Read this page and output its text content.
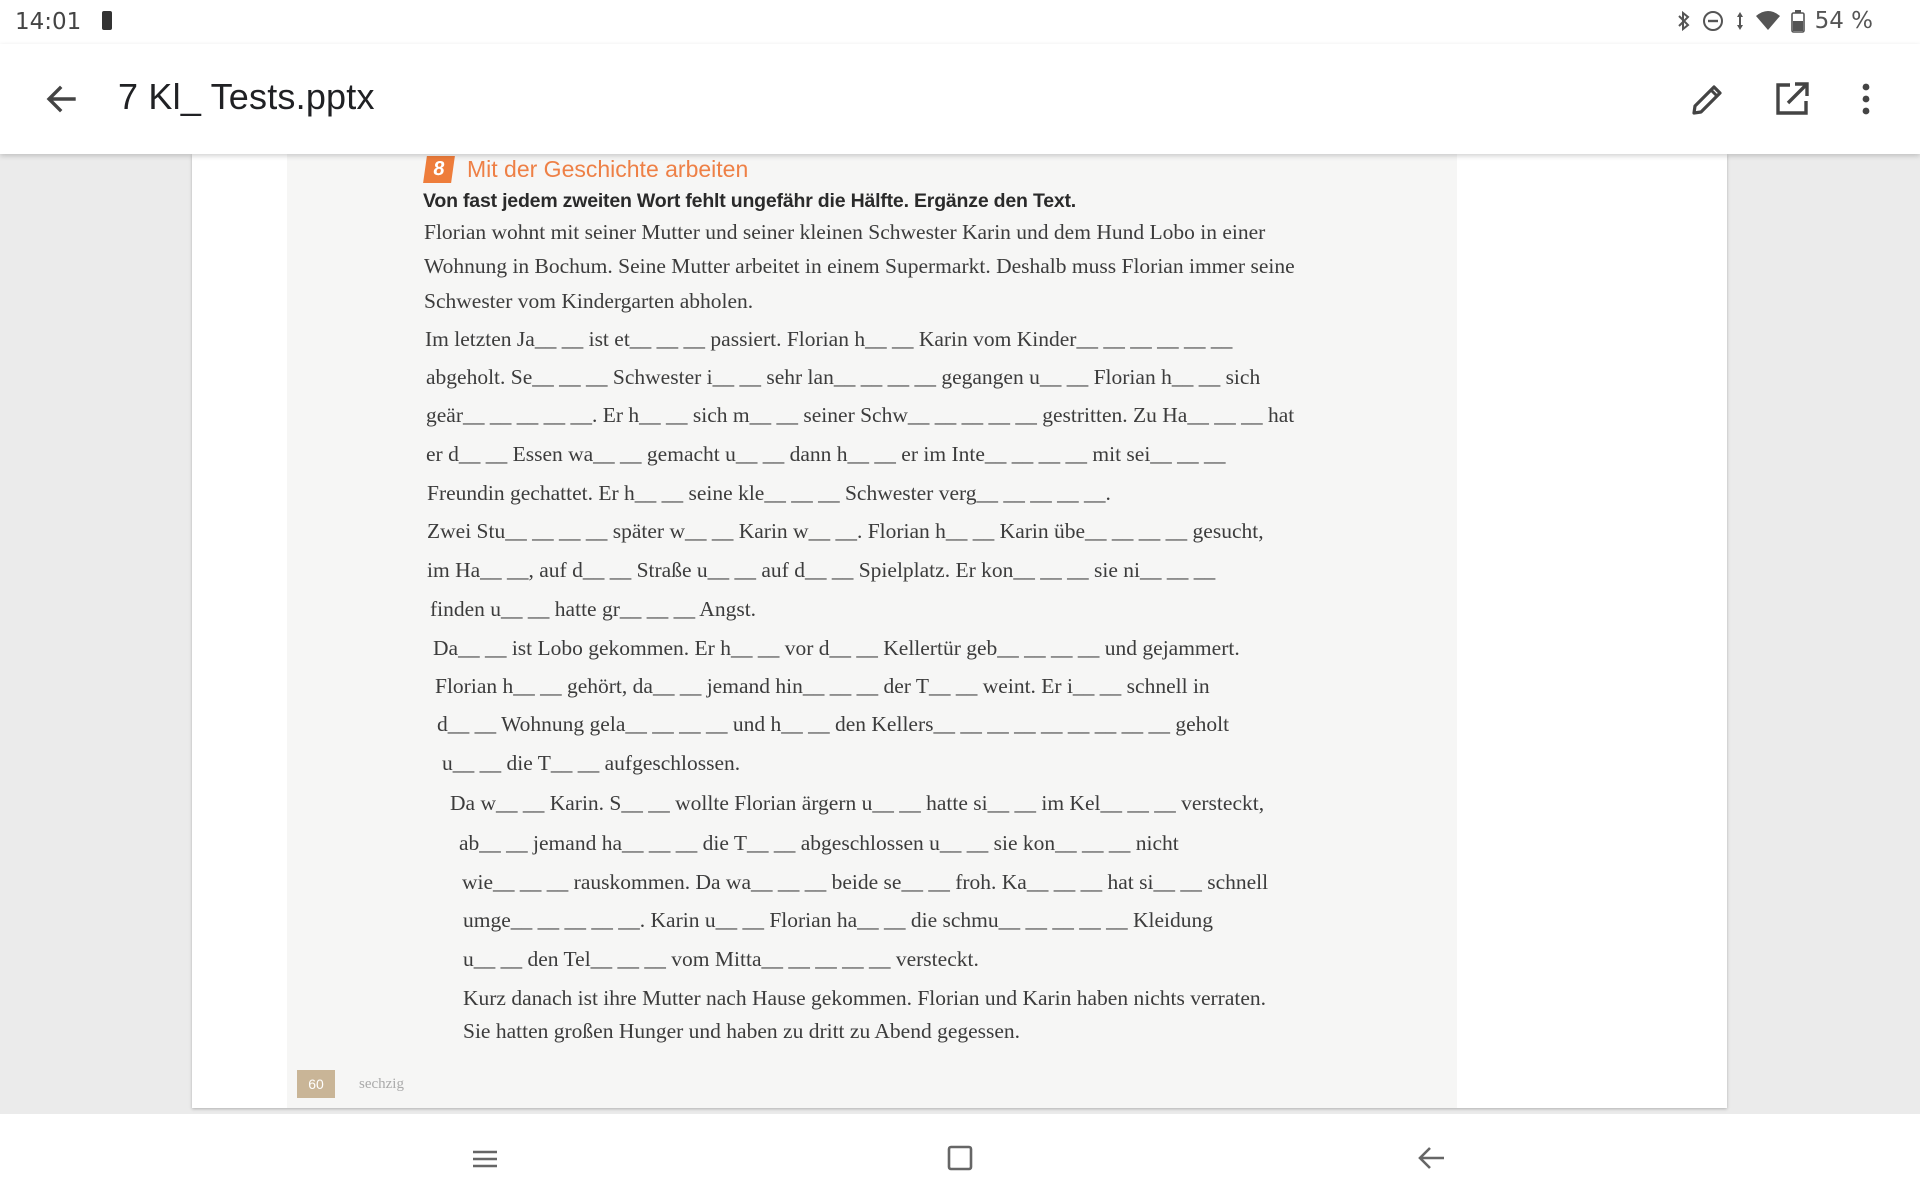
14:01	54 %
7 Kl_ Tests.pptx
8 Mit der Geschichte arbeiten
Von fast jedem zweiten Wort fehlt ungefähr die Hälfte. Ergänze den Text.
Florian wohnt mit seiner Mutter und seiner kleinen Schwester Karin und dem Hund Lobo in einer
Wohnung in Bochum. Seine Mutter arbeitet in einem Supermarkt. Deshalb muss Florian immer seine
Schwester vom Kindergarten abholen.
Im letzten Ja__ __ ist et__ __ __ passiert. Florian h__ __ Karin vom Kinder__ __ __ __ __ __
abgeholt. Se__ __ __ Schwester i__ __ sehr lan__ __ __ __ gegangen u__ __ Florian h__ __ sich
geär__ __ __ __ __. Er h__ __ sich m__ __ seiner Schw__ __ __ __ __ gestritten. Zu Ha__ __ __ hat
er d__ __ Essen wa__ __ gemacht u__ __ dann h__ __ er im Inte__ __ __ __ mit sei__ __ __
Freundin gechattet. Er h__ __ seine kle__ __ __ Schwester verg__ __ __ __ __.
Zwei Stu__ __ __ __ später w__ __ Karin w__ __. Florian h__ __ Karin übe__ __ __ __ gesucht,
im Ha__ __, auf d__ __ Straße u__ __ auf d__ __ Spielplatz. Er kon__ __ __ sie ni__ __ __
finden u__ __ hatte gr__ __ __ Angst.
Da__ __ ist Lobo gekommen. Er h__ __ vor d__ __ Kellertür geb__ __ __ __ und gejammert.
Florian h__ __ gehört, da__ __ jemand hin__ __ __ der T__ __ weint. Er i__ __ schnell in
d__ __ Wohnung gela__ __ __ __ und h__ __ den Kellers__ __ __ __ __ __ __ __ __ geholt
u__ __ die T__ __ aufgeschlossen.
Da w__ __ Karin. S__ __ wollte Florian ärgern u__ __ hatte si__ __ im Kel__ __ __ versteckt,
ab__ __ jemand ha__ __ __ die T__ __ abgeschlossen u__ __ sie kon__ __ __ nicht
wie__ __ __ rauskommen. Da wa__ __ __ beide se__ __ froh. Ka__ __ __ hat si__ __ schnell
umge__ __ __ __ __. Karin u__ __ Florian ha__ __ die schmu__ __ __ __ __ Kleidung
u__ __ den Tel__ __ __ vom Mitta__ __ __ __ __ versteckt.
Kurz danach ist ihre Mutter nach Hause gekommen. Florian und Karin haben nichts verraten.
Sie hatten großen Hunger und haben zu dritt zu Abend gegessen.
60	sechzig
